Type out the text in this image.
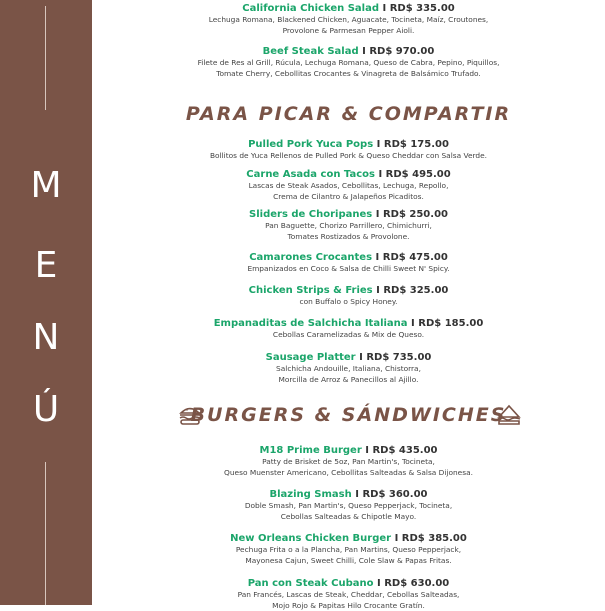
M
E
N
Ú
California Chicken Salad I RD$ 335.00
Lechuga Romana, Blackened Chicken, Aguacate, Tocineta, Maíz, Croutones,
Provolone & Parmesan Pepper Aioli.
Beef Steak Salad I RD$ 970.00
Filete de Res al Grill, Rúcula, Lechuga Romana, Queso de Cabra, Pepino, Piquillos,
Tomate Cherry, Cebollitas Crocantes & Vinagreta de Balsámico Trufado.
PARA PICAR & COMPARTIR
Pulled Pork Yuca Pops I RD$ 175.00
Bollitos de Yuca Rellenos de Pulled Pork & Queso Cheddar con Salsa Verde.
Carne Asada con Tacos I RD$ 495.00
Lascas de Steak Asados, Cebollitas, Lechuga, Repollo,
Crema de Cilantro & Jalapeños Picaditos.
Sliders de Choripanes I RD$ 250.00
Pan Baguette, Chorizo Parrillero, Chimichurri,
Tomates Rostizados & Provolone.
Camarones Crocantes I RD$ 475.00
Empanizados en Coco & Salsa de Chilli Sweet N' Spicy.
Chicken Strips & Fries I RD$ 325.00
con Buffalo o Spicy Honey.
Empanaditas de Salchicha Italiana I RD$ 185.00
Cebollas Caramelizadas & Mix de Queso.
Sausage Platter I RD$ 735.00
Salchicha Andouille, Italiana, Chistorra,
Morcilla de Arroz & Panecillos al Ajillo.
BURGERS & SÁNDWICHES
M18 Prime Burger I RD$ 435.00
Patty de Brisket de 5oz, Pan Martin's, Tocineta,
Queso Muenster Americano, Cebollitas Salteadas & Salsa Dijonesa.
Blazing Smash I RD$ 360.00
Doble Smash, Pan Martin's, Queso Pepperjack, Tocineta,
Cebollas Salteadas & Chipotle Mayo.
New Orleans Chicken Burger I RD$ 385.00
Pechuga Frita o a la Plancha, Pan Martins, Queso Pepperjack,
Mayonesa Cajun, Sweet Chilli, Cole Slaw & Papas Fritas.
Pan con Steak Cubano I RD$ 630.00
Pan Francés, Lascas de Steak, Cheddar, Cebollas Salteadas,
Mojo Rojo & Papitas Hilo Crocante Gratín.
